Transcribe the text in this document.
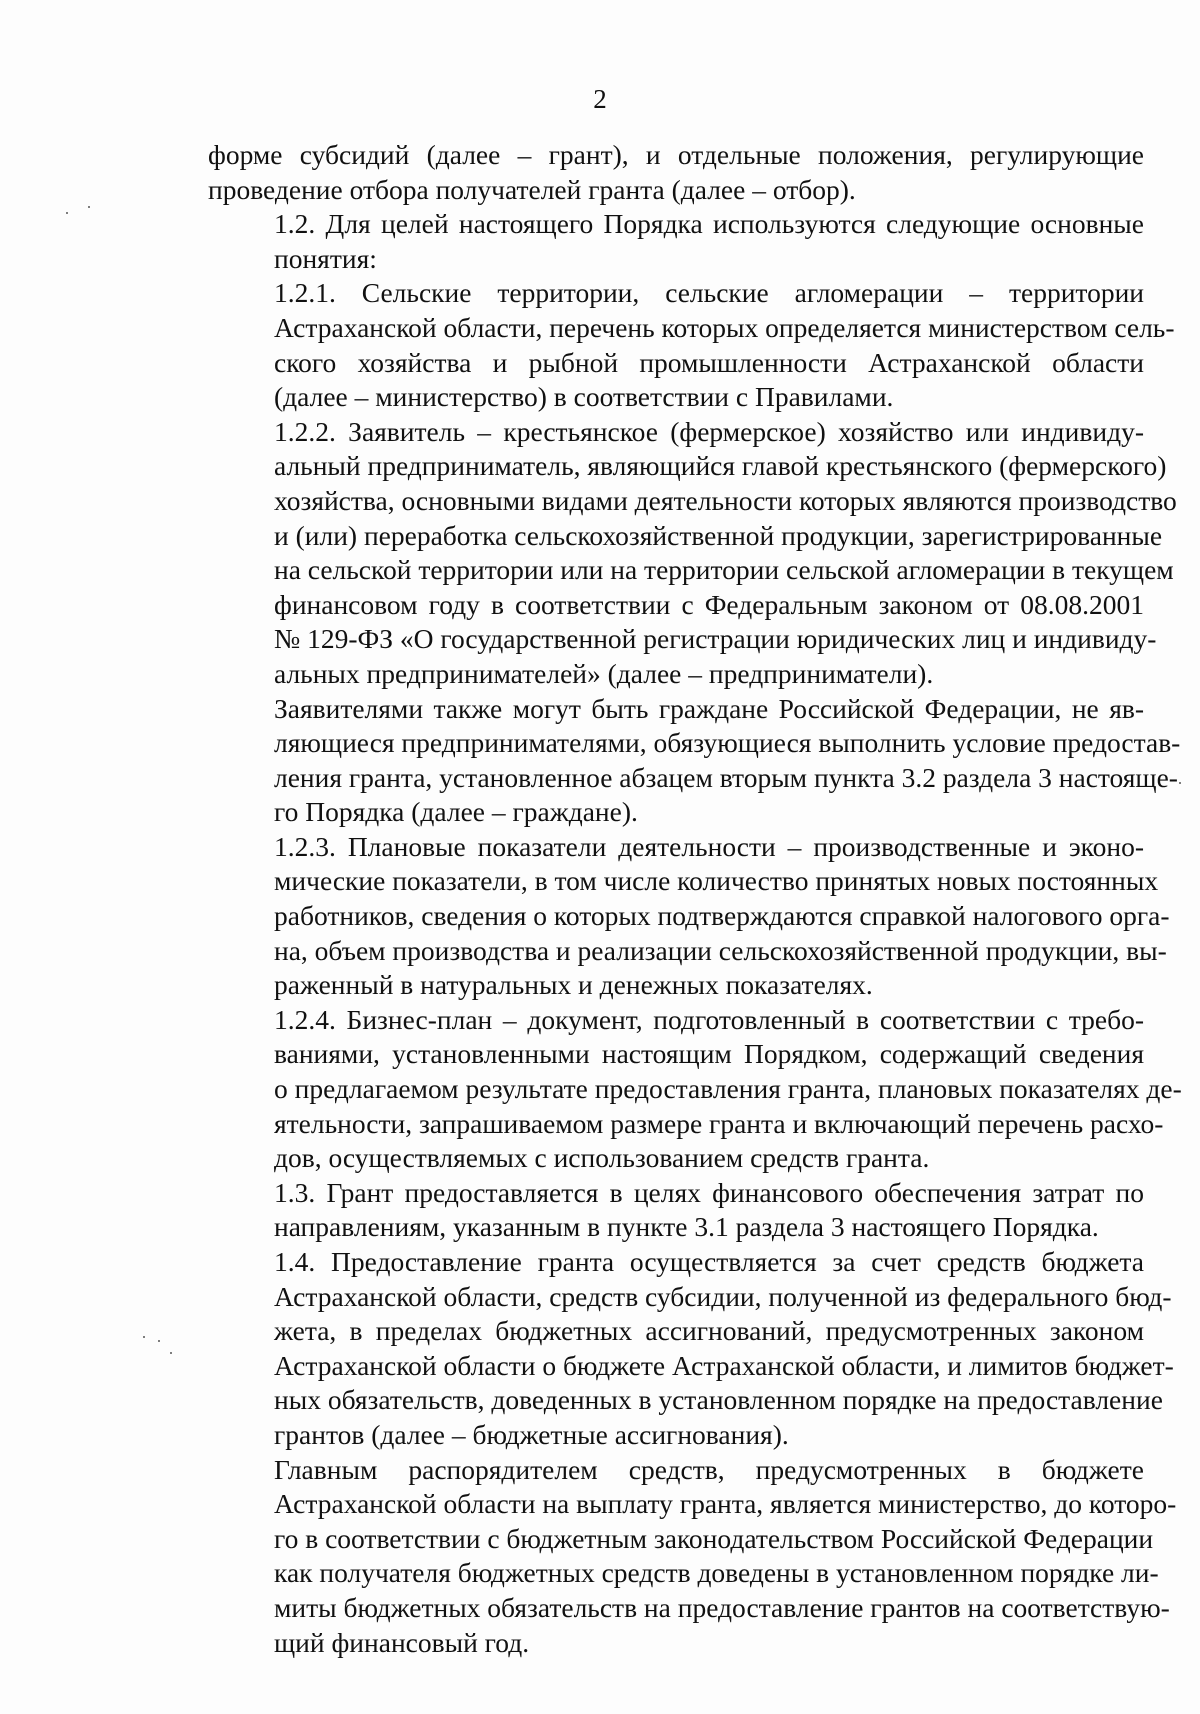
2

форме субсидий (далее – грант), и отдельные положения, регулирующие
проведение отбора получателей гранта (далее – отбор).

1.2. Для целей настоящего Порядка используются следующие основные
понятия:

1.2.1. Сельские территории, сельские агломерации – территории
Астраханской области, перечень которых определяется министерством сель-
ского хозяйства и рыбной промышленности Астраханской области
(далее – министерство) в соответствии с Правилами.

1.2.2. Заявитель – крестьянское (фермерское) хозяйство или индивиду-
альный предприниматель, являющийся главой крестьянского (фермерского)
хозяйства, основными видами деятельности которых являются производство
и (или) переработка сельскохозяйственной продукции, зарегистрированные
на сельской территории или на территории сельской агломерации в текущем
финансовом году в соответствии с Федеральным законом от 08.08.2001
№ 129-ФЗ «О государственной регистрации юридических лиц и индивиду-
альных предпринимателей» (далее – предприниматели).

Заявителями также могут быть граждане Российской Федерации, не яв-
ляющиеся предпринимателями, обязующиеся выполнить условие предостав-
ления гранта, установленное абзацем вторым пункта 3.2 раздела 3 настояще-
го Порядка (далее – граждане).

1.2.3. Плановые показатели деятельности – производственные и эконо-
мические показатели, в том числе количество принятых новых постоянных
работников, сведения о которых подтверждаются справкой налогового орга-
на, объем производства и реализации сельскохозяйственной продукции, вы-
раженный в натуральных и денежных показателях.

1.2.4. Бизнес-план – документ, подготовленный в соответствии с требо-
ваниями, установленными настоящим Порядком, содержащий сведения
о предлагаемом результате предоставления гранта, плановых показателях де-
ятельности, запрашиваемом размере гранта и включающий перечень расхо-
дов, осуществляемых с использованием средств гранта.

1.3. Грант предоставляется в целях финансового обеспечения затрат по
направлениям, указанным в пункте 3.1 раздела 3 настоящего Порядка.

1.4. Предоставление гранта осуществляется за счет средств бюджета
Астраханской области, средств субсидии, полученной из федерального бюд-
жета, в пределах бюджетных ассигнований, предусмотренных законом
Астраханской области о бюджете Астраханской области, и лимитов бюджет-
ных обязательств, доведенных в установленном порядке на предоставление
грантов (далее – бюджетные ассигнования).

Главным распорядителем средств, предусмотренных в бюджете
Астраханской области на выплату гранта, является министерство, до которо-
го в соответствии с бюджетным законодательством Российской Федерации
как получателя бюджетных средств доведены в установленном порядке ли-
миты бюджетных обязательств на предоставление грантов на соответствую-
щий финансовый год.
